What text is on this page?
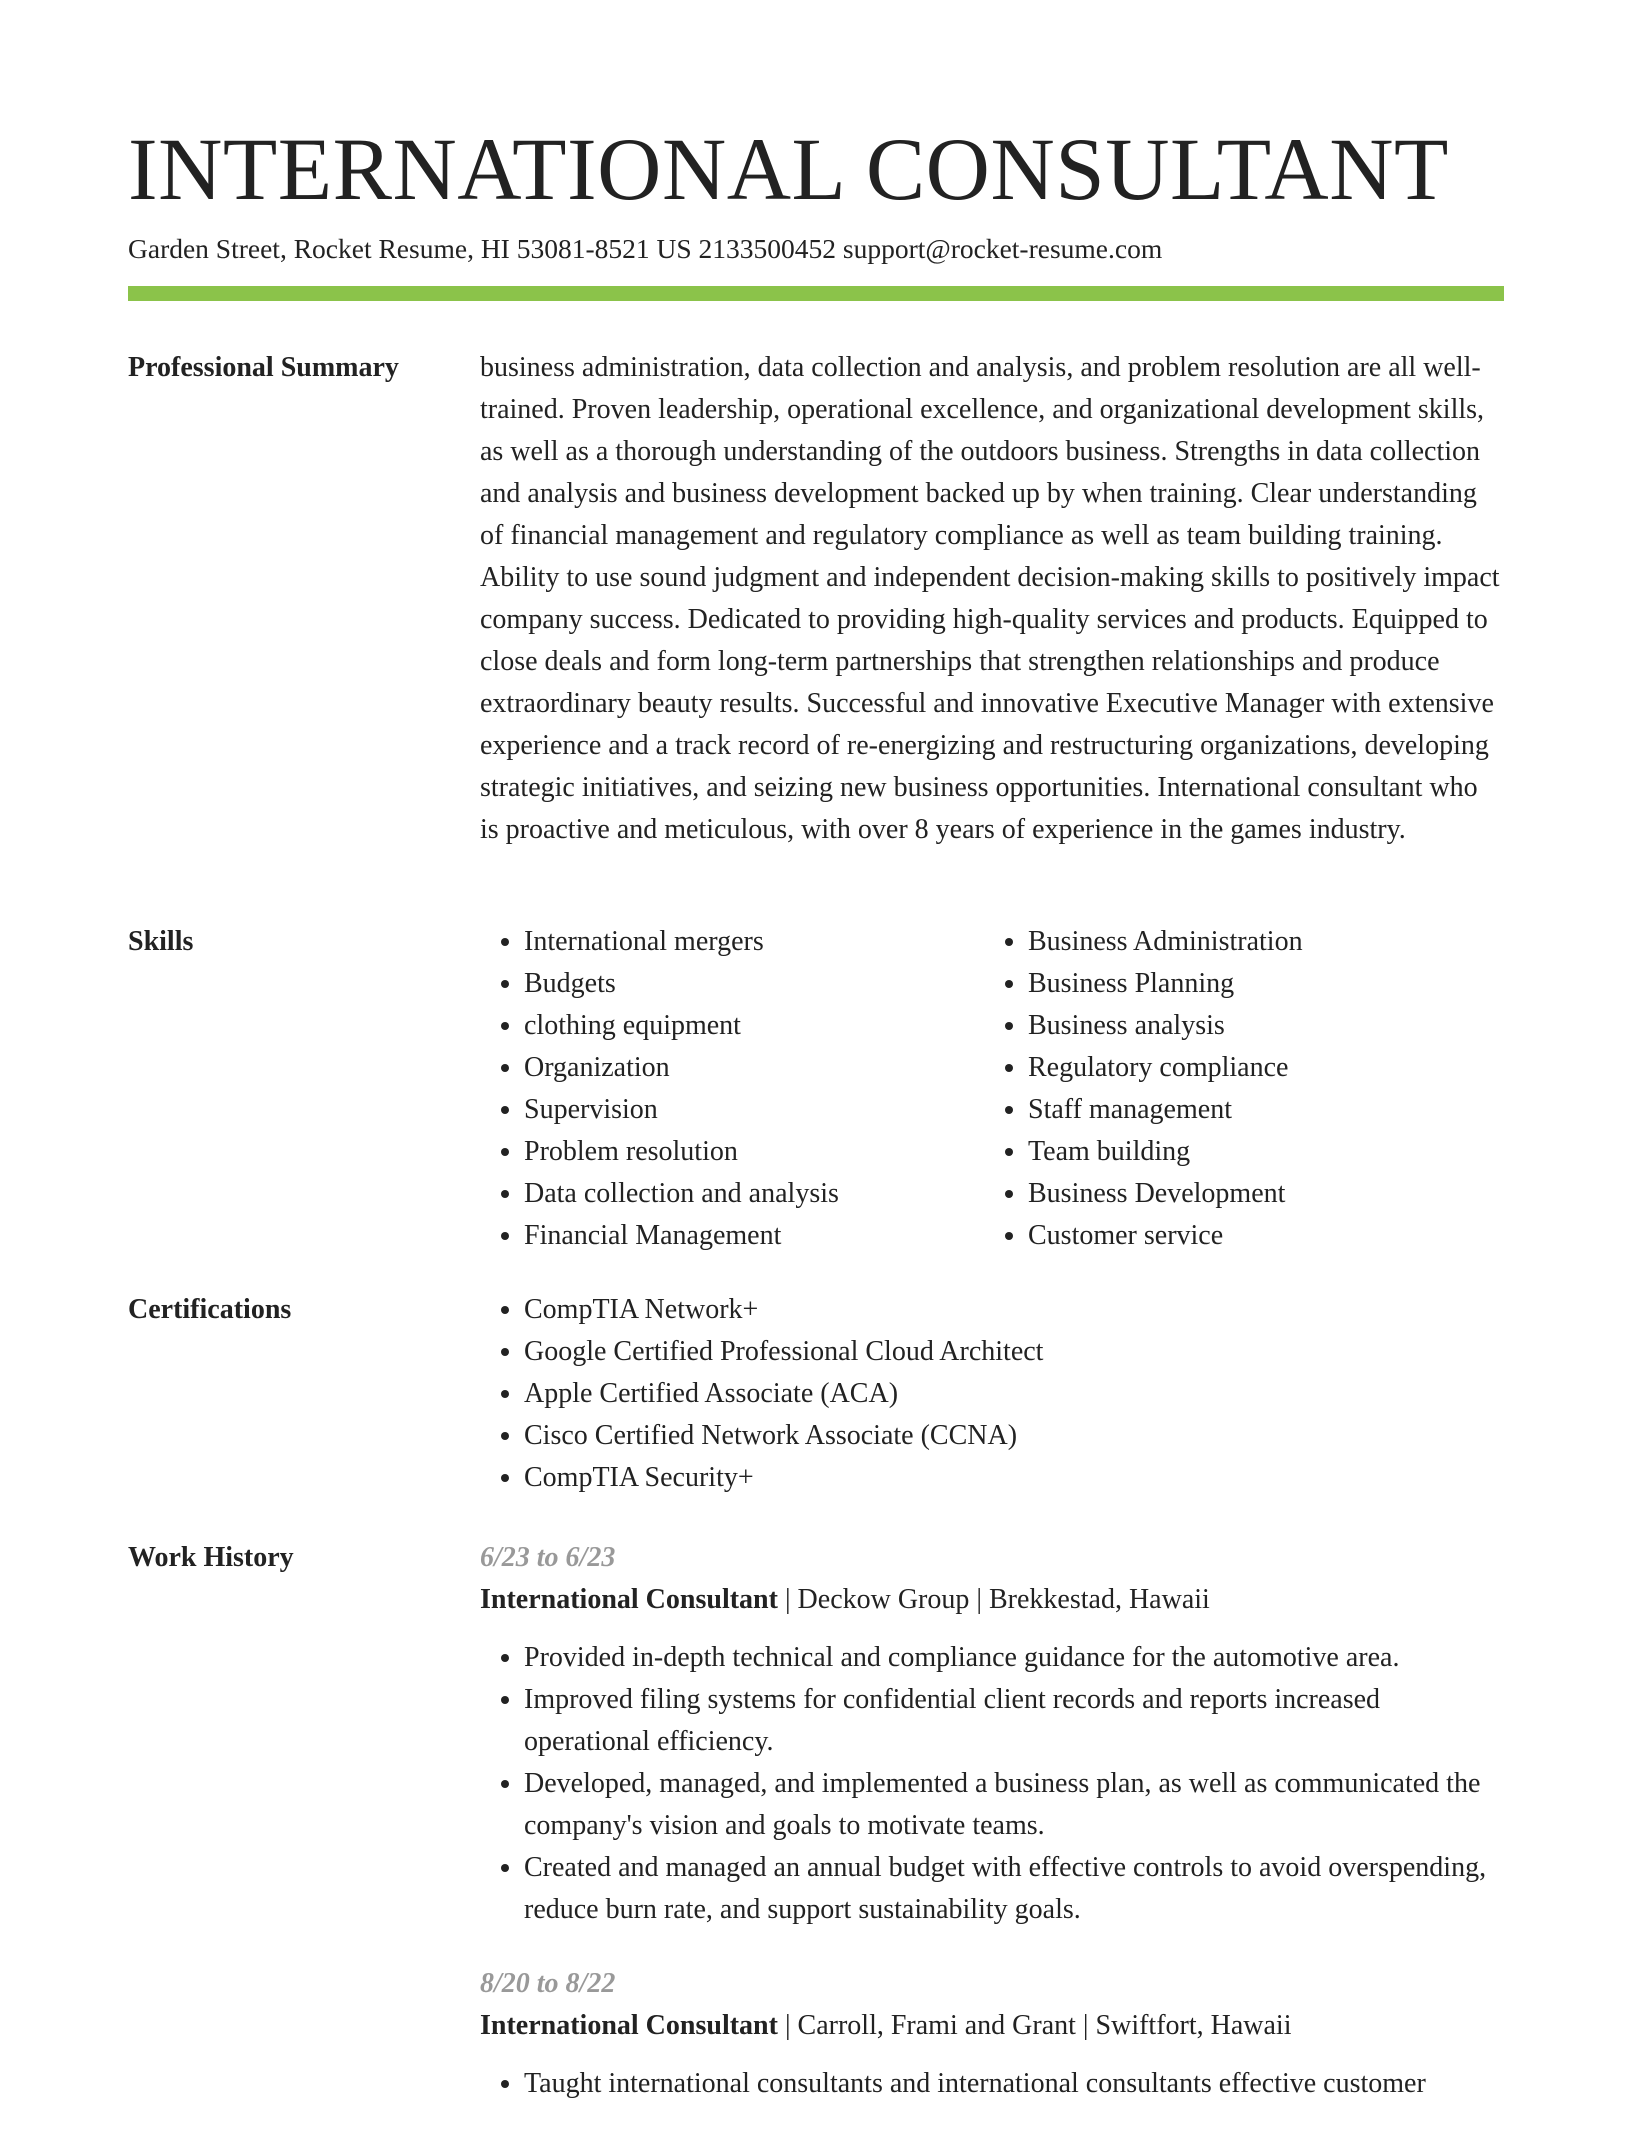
INTERNATIONAL CONSULTANT
Garden Street, Rocket Resume, HI 53081-8521 US 2133500452 support@rocket-resume.com
Professional Summary	business administration, data collection and analysis, and problem resolution are all well-trained. Proven leadership, operational excellence, and organizational development skills, as well as a thorough understanding of the outdoors business. Strengths in data collection and analysis and business development backed up by when training. Clear understanding of financial management and regulatory compliance as well as team building training. Ability to use sound judgment and independent decision-making skills to positively impact company success. Dedicated to providing high-quality services and products. Equipped to close deals and form long-term partnerships that strengthen relationships and produce extraordinary beauty results. Successful and innovative Executive Manager with extensive experience and a track record of re-energizing and restructuring organizations, developing strategic initiatives, and seizing new business opportunities. International consultant who is proactive and meticulous, with over 8 years of experience in the games industry.

Skills	• International mergers
• Budgets
• clothing equipment
• Organization
• Supervision
• Problem resolution
• Data collection and analysis
• Financial Management
• Business Administration
• Business Planning
• Business analysis
• Regulatory compliance
• Staff management
• Team building
• Business Development
• Customer service
Certifications	• CompTIA Network+
• Google Certified Professional Cloud Architect
• Apple Certified Associate (ACA)
• Cisco Certified Network Associate (CCNA)
• CompTIA Security+
Work History	6/23 to 6/23
International Consultant | Deckow Group | Brekkestad, Hawaii
• Provided in-depth technical and compliance guidance for the automotive area.
• Improved filing systems for confidential client records and reports increased operational efficiency.
• Developed, managed, and implemented a business plan, as well as communicated the company's vision and goals to motivate teams.
• Created and managed an annual budget with effective controls to avoid overspending, reduce burn rate, and support sustainability goals.
8/20 to 8/22
International Consultant | Carroll, Frami and Grant | Swiftfort, Hawaii
• Taught international consultants and international consultants effective customer
